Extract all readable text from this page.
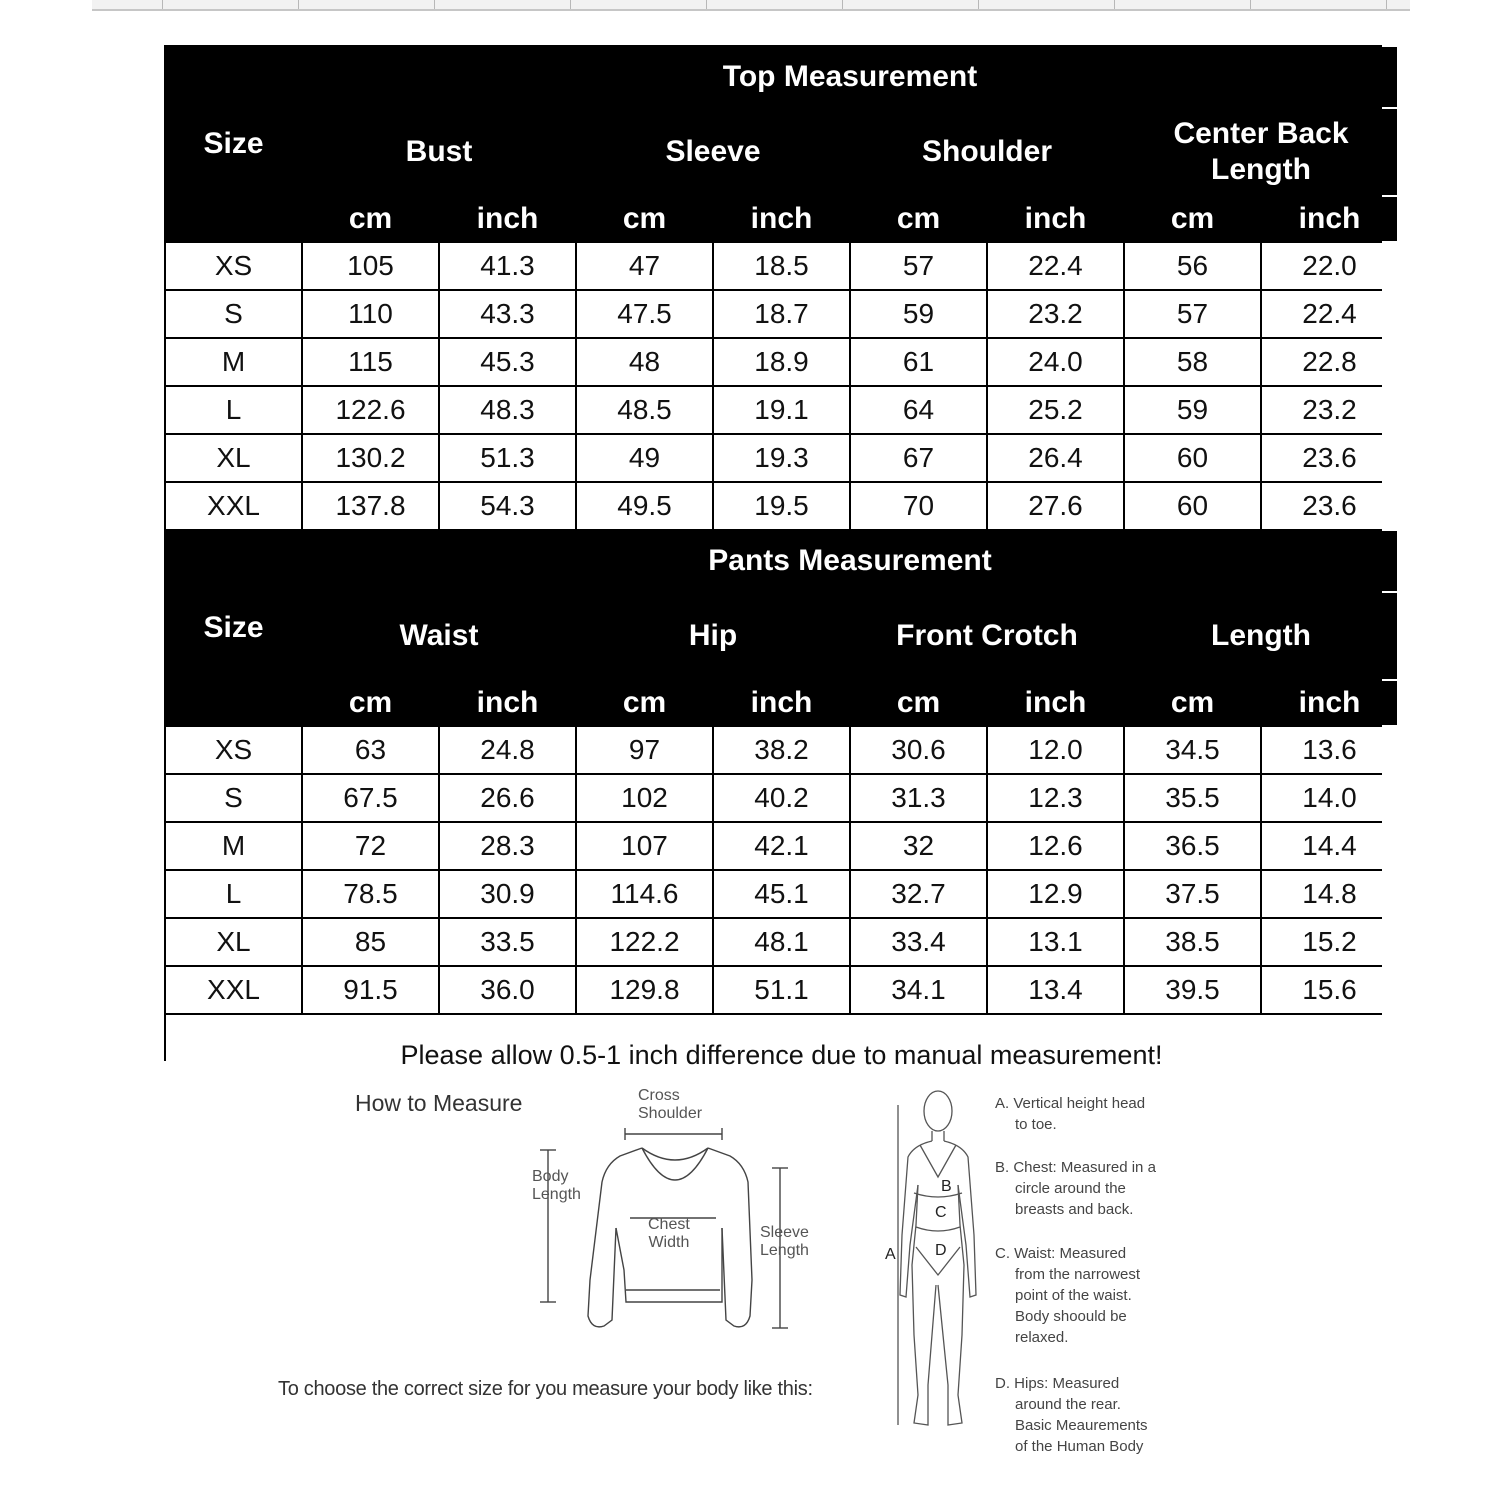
Size
Top Measurement
Bust
cm	inch
Sleeve
cm	inch
Shoulder
cm	inch
Center Back Length
cm	inch
XS	105	41.3	47	18.5	57	22.4	56	22.0
S	110	43.3	47.5	18.7	59	23.2	57	22.4
M	115	45.3	48	18.9	61	24.0	58	22.8
L	122.6	48.3	48.5	19.1	64	25.2	59	23.2
XL	130.2	51.3	49	19.3	67	26.4	60	23.6
XXL	137.8	54.3	49.5	19.5	70	27.6	60	23.6
Size
Pants Measurement
Waist
cm	inch
Hip
cm	inch
Front Crotch
cm	inch
Length
cm	inch
XS	63	24.8	97	38.2	30.6	12.0	34.5	13.6
S	67.5	26.6	102	40.2	31.3	12.3	35.5	14.0
M	72	28.3	107	42.1	32	12.6	36.5	14.4
L	78.5	30.9	114.6	45.1	32.7	12.9	37.5	14.8
XL	85	33.5	122.2	48.1	33.4	13.1	38.5	15.2
XXL	91.5	36.0	129.8	51.1	34.1	13.4	39.5	15.6
Please allow 0.5-1 inch difference due to manual measurement!
How to Measure
To choose the correct size for you measure your body like this:
Cross
Shoulder
Body
Length
Chest
Width
Sleeve
Length
B
C
D
A
A. Vertical height head
to toe.
B. Chest: Measured in a
circle around the
breasts and back.
C. Waist: Measured
from the narrowest
point of the waist.
Body shoould be
relaxed.
D. Hips: Measured
around the rear.
Basic Meaurements
of the Human Body
